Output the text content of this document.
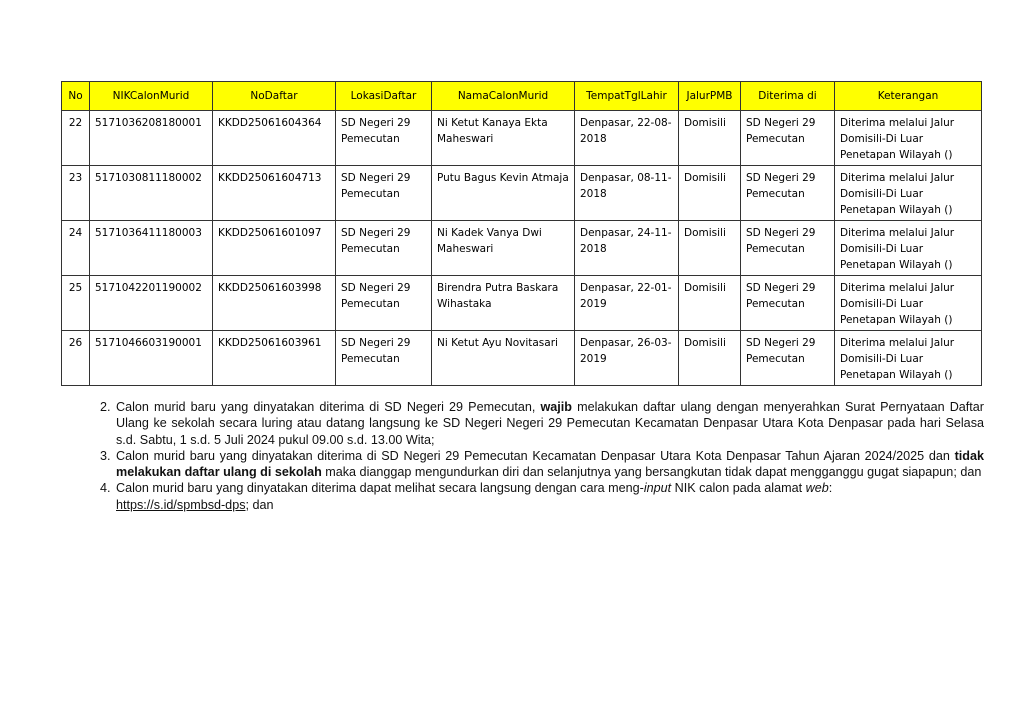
No	NIKCalonMurid	NoDaftar	LokasiDaftar	NamaCalonMurid	TempatTglLahir	JalurPMB	Diterima di	Keterangan
22	5171036208180001	KKDD25061604364	SD Negeri 29 Pemecutan	Ni Ketut Kanaya Ekta Maheswari	Denpasar, 22-08-2018	Domisili	SD Negeri 29 Pemecutan	Diterima melalui Jalur Domisili-Di Luar Penetapan Wilayah ()
23	5171030811180002	KKDD25061604713	SD Negeri 29 Pemecutan	Putu Bagus Kevin Atmaja	Denpasar, 08-11-2018	Domisili	SD Negeri 29 Pemecutan	Diterima melalui Jalur Domisili-Di Luar Penetapan Wilayah ()
24	5171036411180003	KKDD25061601097	SD Negeri 29 Pemecutan	Ni Kadek Vanya Dwi Maheswari	Denpasar, 24-11-2018	Domisili	SD Negeri 29 Pemecutan	Diterima melalui Jalur Domisili-Di Luar Penetapan Wilayah ()
25	5171042201190002	KKDD25061603998	SD Negeri 29 Pemecutan	Birendra Putra Baskara Wihastaka	Denpasar, 22-01-2019	Domisili	SD Negeri 29 Pemecutan	Diterima melalui Jalur Domisili-Di Luar Penetapan Wilayah ()
26	5171046603190001	KKDD25061603961	SD Negeri 29 Pemecutan	Ni Ketut Ayu Novitasari	Denpasar, 26-03-2019	Domisili	SD Negeri 29 Pemecutan	Diterima melalui Jalur Domisili-Di Luar Penetapan Wilayah ()
2. Calon murid baru yang dinyatakan diterima di SD Negeri 29 Pemecutan, wajib melakukan daftar ulang dengan menyerahkan Surat Pernyataan Daftar Ulang ke sekolah secara luring atau datang langsung ke SD Negeri Negeri 29 Pemecutan Kecamatan Denpasar Utara Kota Denpasar pada hari Selasa s.d. Sabtu, 1 s.d. 5 Juli 2024 pukul 09.00 s.d. 13.00 Wita;
3. Calon murid baru yang dinyatakan diterima di SD Negeri 29 Pemecutan Kecamatan Denpasar Utara Kota Denpasar Tahun Ajaran 2024/2025 dan tidak melakukan daftar ulang di sekolah maka dianggap mengundurkan diri dan selanjutnya yang bersangkutan tidak dapat mengganggu gugat siapapun; dan
4. Calon murid baru yang dinyatakan diterima dapat melihat secara langsung dengan cara meng-input NIK calon pada alamat web:
https://s.id/spmbsd-dps; dan
